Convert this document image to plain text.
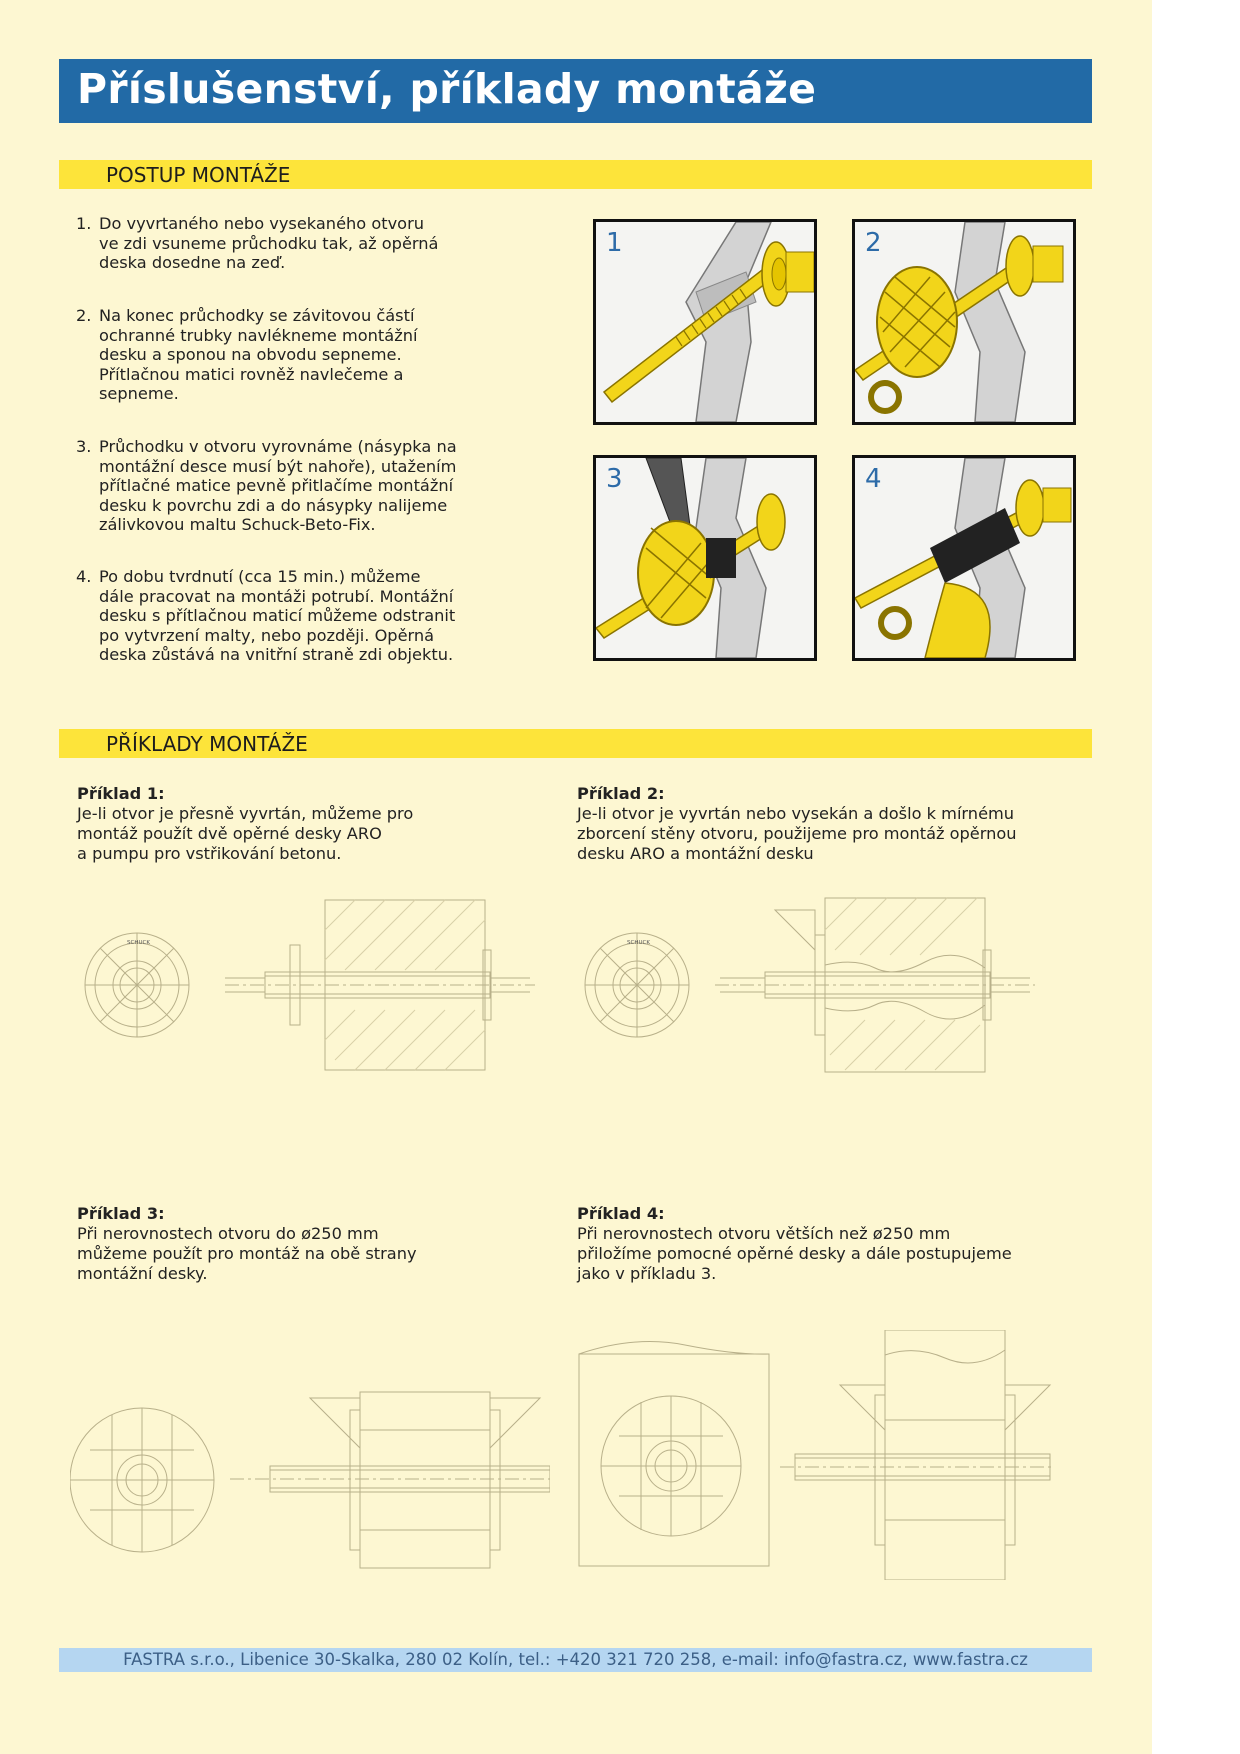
Příslušenství, příklady montáže
POSTUP MONTÁŽE
1. Do vyvrtaného nebo vysekaného otvoru
ve zdi vsuneme průchodku tak, až opěrná
deska dosedne na zeď.
2. Na konec průchodky se závitovou částí
ochranné trubky navlékneme montážní
desku a sponou na obvodu sepneme.
Přítlačnou matici rovněž navlečeme a
sepneme.
3. Průchodku v otvoru vyrovnáme (násypka na
montážní desce musí být nahoře), utažením
přítlačné matice pevně přitlačíme montážní
desku k povrchu zdi a do násypky nalijeme
zálivkovou maltu Schuck-Beto-Fix.
4. Po dobu tvrdnutí (cca 15 min.) můžeme
dále pracovat na montáži potrubí. Montážní
desku s přítlačnou maticí můžeme odstranit
po vytvrzení malty, nebo později. Opěrná
deska zůstává na vnitřní straně zdi objektu.
1	2
3	4
PŘÍKLADY MONTÁŽE
Příklad 1:
Je-li otvor je přesně vyvrtán, můžeme pro
montáž použít dvě opěrné desky ARO
a pumpu pro vstřikování betonu.
Příklad 2:
Je-li otvor je vyvrtán nebo vysekán a došlo k mírnému
zborcení stěny otvoru, použijeme pro montáž opěrnou
desku ARO a montážní desku
Příklad 3:
Při nerovnostech otvoru do ø250 mm
můžeme použít pro montáž na obě strany
montážní desky.
Příklad 4:
Při nerovnostech otvoru větších než ø250 mm
přiložíme pomocné opěrné desky a dále postupujeme
jako v příkladu 3.
SCHUCK	SCHUCK
FASTRA s.r.o., Libenice 30-Skalka, 280 02 Kolín, tel.: +420 321 720 258, e-mail: info@fastra.cz, www.fastra.cz
